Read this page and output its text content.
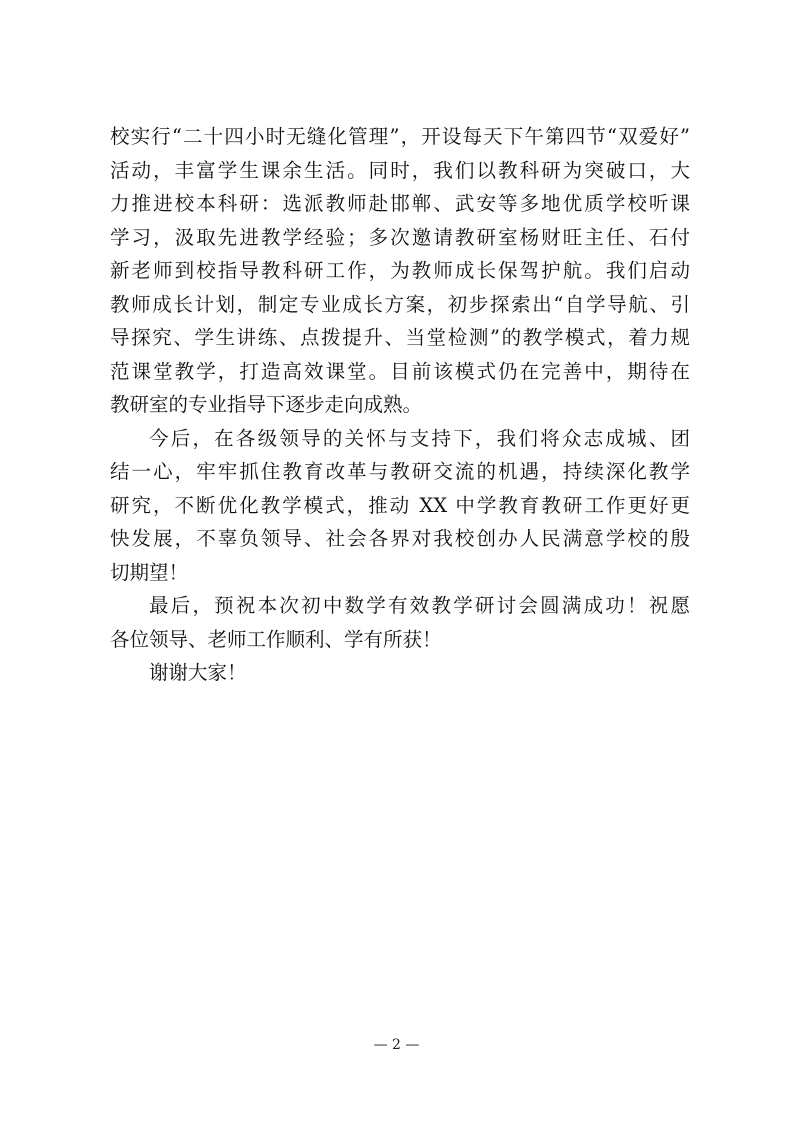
校实行“二十四小时无缝化管理”，开设每天下午第四节“双爱好”
活动，丰富学生课余生活。同时，我们以教科研为突破口，大
力推进校本科研：选派教师赴邯郸、武安等多地优质学校听课
学习，汲取先进教学经验；多次邀请教研室杨财旺主任、石付
新老师到校指导教科研工作，为教师成长保驾护航。我们启动
教师成长计划，制定专业成长方案，初步探索出“自学导航、引
导探究、学生讲练、点拨提升、当堂检测”的教学模式，着力规
范课堂教学，打造高效课堂。目前该模式仍在完善中，期待在
教研室的专业指导下逐步走向成熟。
今后，在各级领导的关怀与支持下，我们将众志成城、团
结一心，牢牢抓住教育改革与教研交流的机遇，持续深化教学
研究，不断优化教学模式，推动 XX 中学教育教研工作更好更
快发展，不辜负领导、社会各界对我校创办人民满意学校的殷
切期望！
最后，预祝本次初中数学有效教学研讨会圆满成功！祝愿
各位领导、老师工作顺利、学有所获！
谢谢大家！
— 2 —
